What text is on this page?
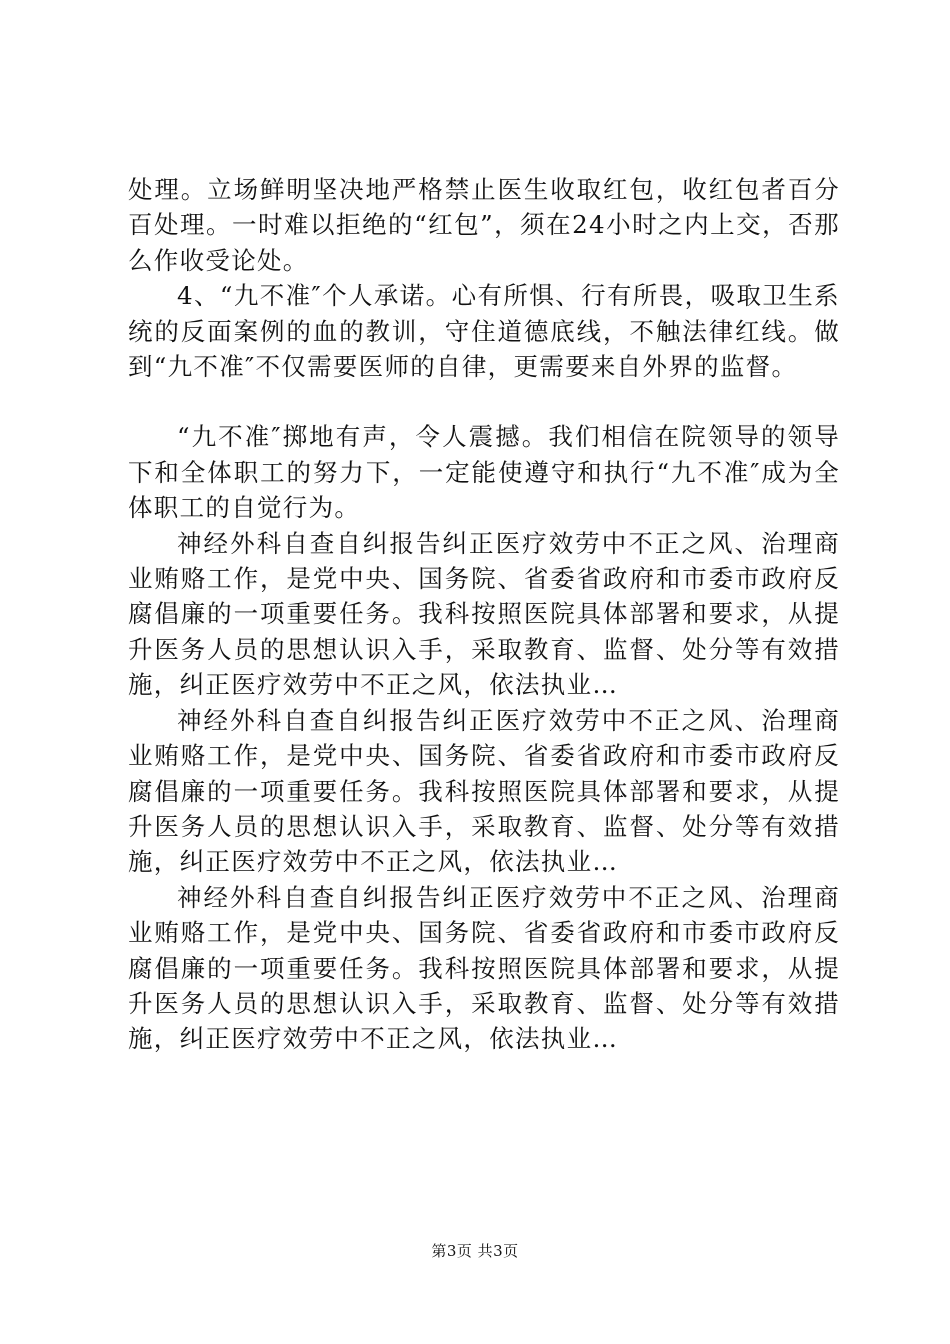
处理。立场鲜明坚决地严格禁止医生收取红包，收红包者百分百处理。一时难以拒绝的“红包”，须在24小时之内上交，否那么作收受论处。

4、“九不准″个人承诺。心有所惧、行有所畏，吸取卫生系统的反面案例的血的教训，守住道德底线，不触法律红线。做到“九不准″不仅需要医师的自律，更需要来自外界的监督。

“九不准″掷地有声，令人震撼。我们相信在院领导的领导下和全体职工的努力下，一定能使遵守和执行“九不准″成为全体职工的自觉行为。

神经外科自查自纠报告纠正医疗效劳中不正之风、治理商业贿赂工作，是党中央、国务院、省委省政府和市委市政府反腐倡廉的一项重要任务。我科按照医院具体部署和要求，从提升医务人员的思想认识入手，采取教育、监督、处分等有效措施，纠正医疗效劳中不正之风，依法执业…

神经外科自查自纠报告纠正医疗效劳中不正之风、治理商业贿赂工作，是党中央、国务院、省委省政府和市委市政府反腐倡廉的一项重要任务。我科按照医院具体部署和要求，从提升医务人员的思想认识入手，采取教育、监督、处分等有效措施，纠正医疗效劳中不正之风，依法执业…

神经外科自查自纠报告纠正医疗效劳中不正之风、治理商业贿赂工作，是党中央、国务院、省委省政府和市委市政府反腐倡廉的一项重要任务。我科按照医院具体部署和要求，从提升医务人员的思想认识入手，采取教育、监督、处分等有效措施，纠正医疗效劳中不正之风，依法执业…

第3页 共3页
